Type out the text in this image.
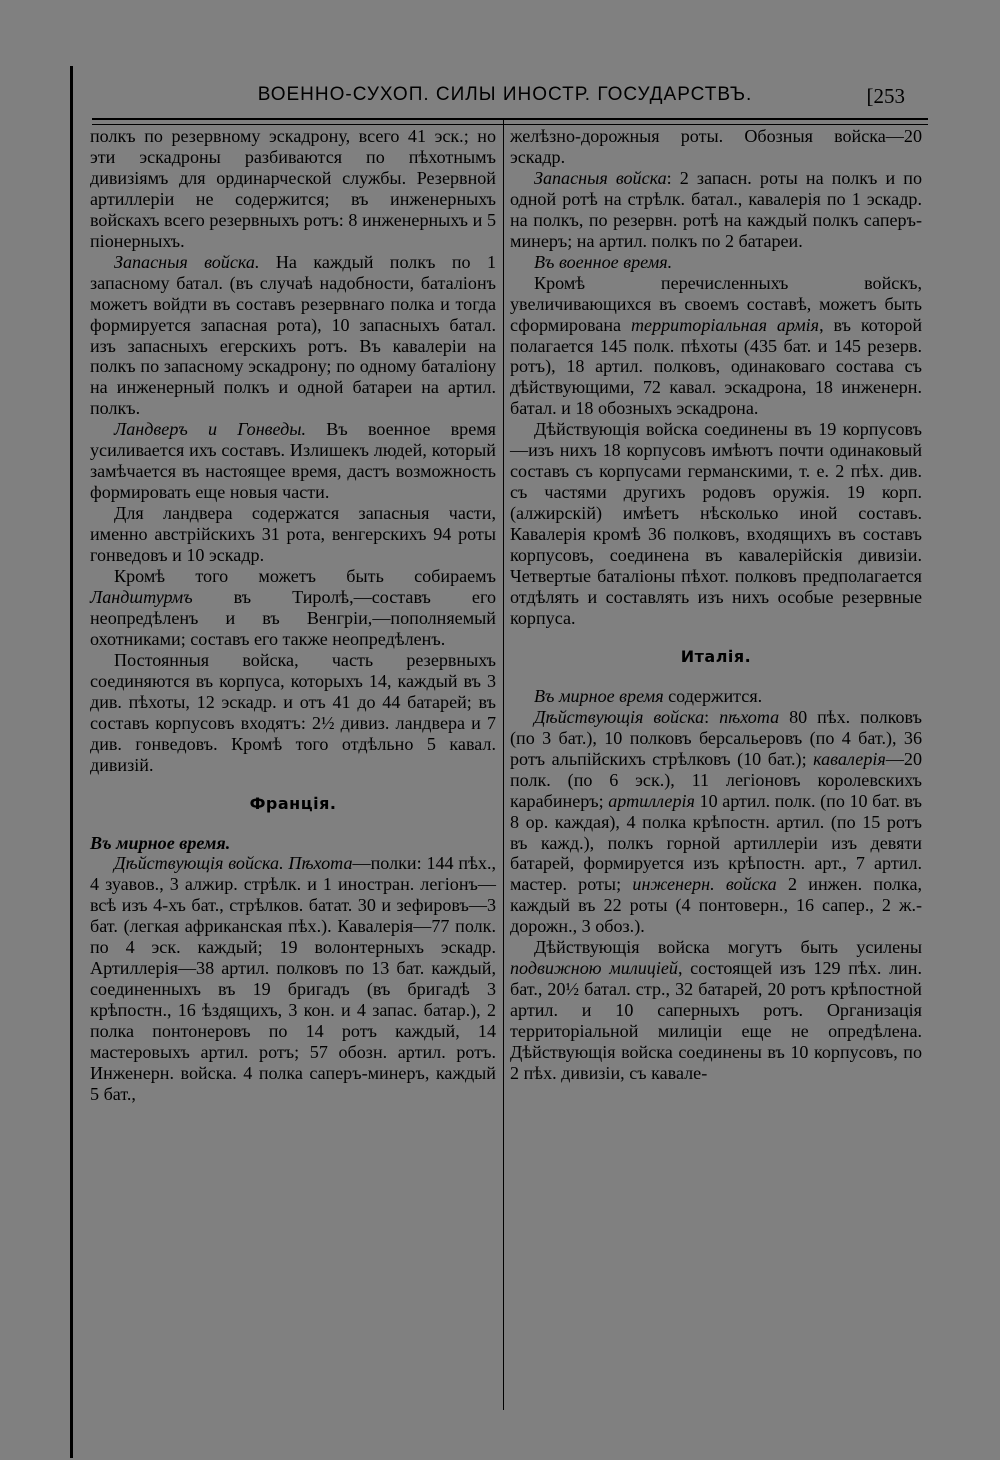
ВОЕННО-СУХОП. СИЛЫ ИНОСТР. ГОСУДАРСТВЪ.	[253

полкъ по резервному эскадрону, всего 41 эск.; но эти эскадроны разбиваются по пѣхотнымъ дивизіямъ для ординарческой службы. Резервной артиллеріи не содержится; въ инженерныхъ войскахъ всего резервныхъ ротъ: 8 инженерныхъ и 5 піонерныхъ.

Запасныя войска. На каждый полкъ по 1 запасному батал. (въ случаѣ надобности, баталіонъ можетъ войдти въ составъ резервнаго полка и тогда формируется запасная рота), 10 запасныхъ батал. изъ запасныхъ егерскихъ ротъ. Въ кавалеріи на полкъ по запасному эскадрону; по одному баталіону на инженерный полкъ и одной батареи на артил. полкъ.

Ландверъ и Гонведы. Въ военное время усиливается ихъ составъ. Излишекъ людей, который замѣчается въ настоящее время, дастъ возможность формировать еще новыя части.

Для ландвера содержатся запасныя части, именно австрійскихъ 31 рота, венгерскихъ 94 роты гонведовъ и 10 эскадр.

Кромѣ того можетъ быть собираемъ Ландштурмъ въ Тиролѣ,—составъ его неопредѣленъ и въ Венгріи,—пополняемый охотниками; составъ его также неопредѣленъ.

Постоянныя войска, часть резервныхъ соединяются въ корпуса, которыхъ 14, каждый въ 3 див. пѣхоты, 12 эскадр. и отъ 41 до 44 батарей; въ составъ корпусовъ входятъ: 2½ дивиз. ландвера и 7 див. гонведовъ. Кромѣ того отдѣльно 5 кавал. дивизій.

Франція.

Въ мирное время.

Дѣйствующія войска. Пѣхота—полки: 144 пѣх., 4 зуавов., 3 алжир. стрѣлк. и 1 иностран. легіонъ—всѣ изъ 4-хъ бат., стрѣлков. батат. 30 и зефировъ—3 бат. (легкая африканская пѣх.). Кавалерія—77 полк. по 4 эск. каждый; 19 волонтерныхъ эскадр. Артиллерія—38 артил. полковъ по 13 бат. каждый, соединенныхъ въ 19 бригадъ (въ бригадѣ 3 крѣпостн., 16 ѣздящихъ, 3 кон. и 4 запас. батар.), 2 полка понтонеровъ по 14 ротъ каждый, 14 мастеровыхъ артил. ротъ; 57 обозн. артил. ротъ. Инженерн. войска. 4 полка саперъ-минеръ, каждый 5 бат.,

желѣзно-дорожныя роты. Обозныя войска—20 эскадр.

Запасныя войска: 2 запасн. роты на полкъ и по одной ротѣ на стрѣлк. батал., кавалерія по 1 эскадр. на полкъ, по резервн. ротѣ на каждый полкъ саперъ-минеръ; на артил. полкъ по 2 батареи.

Въ военное время.

Кромѣ перечисленныхъ войскъ, увеличивающихся въ своемъ составѣ, можетъ быть сформирована территоріальная армія, въ которой полагается 145 полк. пѣхоты (435 бат. и 145 резерв. ротъ), 18 артил. полковъ, одинаковаго состава съ дѣйствующими, 72 кавал. эскадрона, 18 инженерн. батал. и 18 обозныхъ эскадрона.

Дѣйствующія войска соединены въ 19 корпусовъ—изъ нихъ 18 корпусовъ имѣютъ почти одинаковый составъ съ корпусами германскими, т. е. 2 пѣх. див. съ частями другихъ родовъ оружія. 19 корп. (алжирскій) имѣетъ нѣсколько иной составъ. Кавалерія кромѣ 36 полковъ, входящихъ въ составъ корпусовъ, соединена въ кавалерійскія дивизіи. Четвертые баталіоны пѣхот. полковъ предполагается отдѣлять и составлять изъ нихъ особые резервные корпуса.

Италія.

Въ мирное время содержится.

Дѣйствующія войска: пѣхота 80 пѣх. полковъ (по 3 бат.), 10 полковъ берсальеровъ (по 4 бат.), 36 ротъ альпійскихъ стрѣлковъ (10 бат.); кавалерія—20 полк. (по 6 эск.), 11 легіоновъ королевскихъ карабинеръ; артиллерія 10 артил. полк. (по 10 бат. въ 8 ор. каждая), 4 полка крѣпостн. артил. (по 15 ротъ въ кажд.), полкъ горной артиллеріи изъ девяти батарей, формируется изъ крѣпостн. арт., 7 артил. мастер. роты; инженерн. войска 2 инжен. полка, каждый въ 22 роты (4 понтоверн., 16 сапер., 2 ж.-дорожн., 3 обоз.).

Дѣйствующія войска могутъ быть усилены подвижною милиціей, состоящей изъ 129 пѣх. лин. бат., 20½ батал. стр., 32 батарей, 20 ротъ крѣпостной артил. и 10 саперныхъ ротъ. Организація территоріальной милиціи еще не опредѣлена. Дѣйствующія войска соединены въ 10 корпусовъ, по 2 пѣх. дивизіи, съ кавале-
